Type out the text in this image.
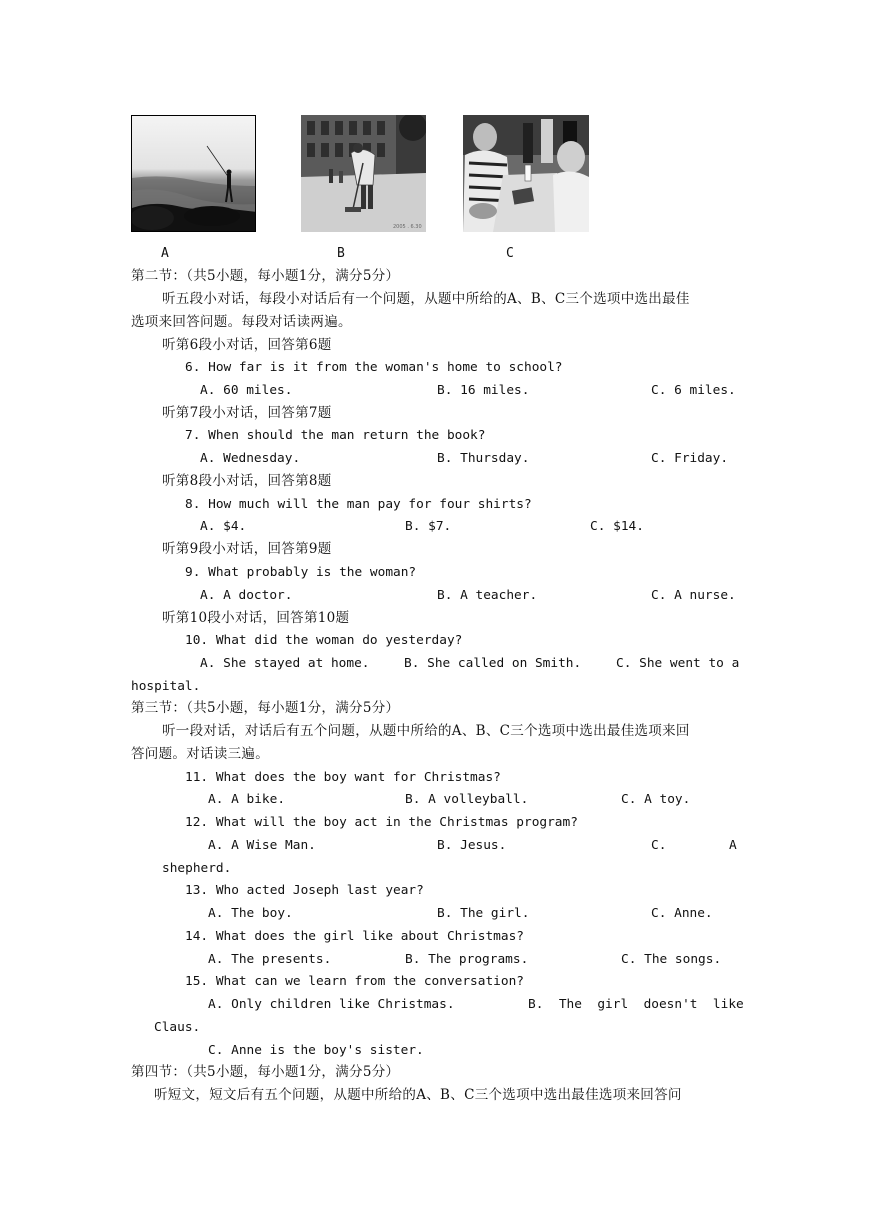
A
2005 . 6.30
B	C
第二节：（共5小题，每小题1分，满分5分）
听五段小对话，每段小对话后有一个问题，从题中所给的A、B、C三个选项中选出最佳
选项来回答问题。每段对话读两遍。
听第6段小对话，回答第6题
6. How far is it from the woman's home to school?
A. 60 miles.	B. 16 miles.	C. 6 miles.
听第7段小对话，回答第7题
7. When should the man return the book?
A. Wednesday.	B. Thursday.	C. Friday.
听第8段小对话，回答第8题
8. How much will the man pay for four shirts?
A. $4.	B. $7.	C. $14.
听第9段小对话，回答第9题
9. What probably is the woman?
A. A doctor.	B. A teacher.	C. A nurse.
听第10段小对话，回答第10题
10. What did the woman do yesterday?
A. She stayed at home.	B. She called on Smith.	C. She went to a
hospital.
第三节：（共5小题，每小题1分，满分5分）
听一段对话，对话后有五个问题，从题中所给的A、B、C三个选项中选出最佳选项来回
答问题。对话读三遍。
11. What does the boy want for Christmas?
A. A bike.	B. A volleyball.	C. A toy.
12. What will the boy act in the Christmas program?
A. A Wise Man.	B. Jesus.	C.	A
shepherd.
13. Who acted Joseph last year?
A. The boy.	B. The girl.	C. Anne.
14. What does the girl like about Christmas?
A. The presents.	B. The programs.	C. The songs.
15. What can we learn from the conversation?
A. Only children like Christmas.	B.  The  girl  doesn't  like
Claus.
C. Anne is the boy's sister.
第四节：（共5小题，每小题1分，满分5分）
听短文，短文后有五个问题，从题中所给的A、B、C三个选项中选出最佳选项来回答问
